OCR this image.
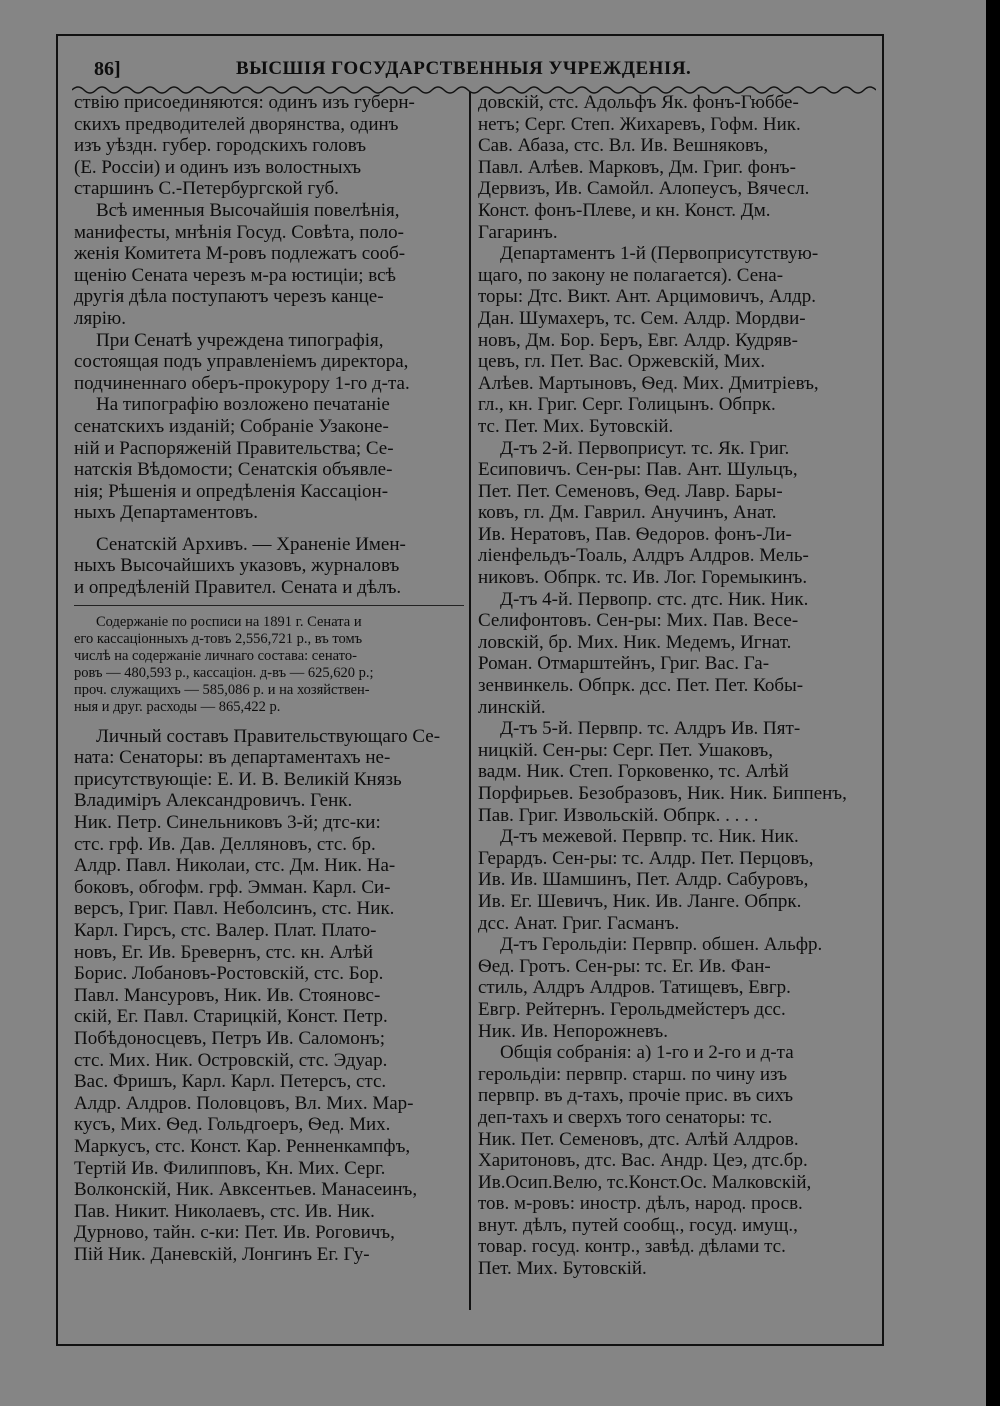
86]	ВЫСШІЯ ГОСУДАРСТВЕННЫЯ УЧРЕЖДЕНІЯ.
ствію присоединяются: одинъ изъ губерн-
скихъ предводителей дворянства, одинъ
изъ уѣздн. губер. городскихъ головъ
(Е. Россіи) и одинъ изъ волостныхъ
старшинъ С.-Петербургской губ.
Всѣ именныя Высочайшія повелѣнія,
манифесты, мнѣнія Госуд. Совѣта, поло-
женія Комитета М-ровъ подлежатъ сооб-
щенію Сената черезъ м-ра юстиціи; всѣ
другія дѣла поступаютъ черезъ канце-
лярію.
При Сенатѣ учреждена типографія,
состоящая подъ управленіемъ директора,
подчиненнаго оберъ-прокурору 1-го д-та.
На типографію возложено печатаніе
сенатскихъ изданій; Собраніе Узаконе-
ній и Распоряженій Правительства; Се-
натскія Вѣдомости; Сенатскія объявле-
нія; Рѣшенія и опредѣленія Кассаціон-
ныхъ Департаментовъ.
Сенатскій Архивъ. — Храненіе Имен-
ныхъ Высочайшихъ указовъ, журналовъ
и опредѣленій Правител. Сената и дѣлъ.
Содержаніе по росписи на 1891 г. Сената и
его кассаціонныхъ д-товъ 2,556,721 р., въ томъ
числѣ на содержаніе личнаго состава: сенато-
ровъ — 480,593 р., кассаціон. д-въ — 625,620 р.;
проч. служащихъ — 585,086 р. и на хозяйствен-
ныя и друг. расходы — 865,422 р.
Личный составъ Правительствующаго Се-
ната: Сенаторы: въ департаментахъ не-
присутствующіе: Е. И. В. Великій Князь
Владиміръ Александровичъ. Генк.
Ник. Петр. Синельниковъ 3-й; дтс-ки:
стс. грф. Ив. Дав. Делляновъ, стс. бр.
Алдр. Павл. Николаи, стс. Дм. Ник. На-
боковъ, обгофм. грф. Эмман. Карл. Си-
версъ, Григ. Павл. Неболсинъ, стс. Ник.
Карл. Гирсъ, стс. Валер. Плат. Плато-
новъ, Ег. Ив. Бревернъ, стс. кн. Алѣй
Борис. Лобановъ-Ростовскій, стс. Бор.
Павл. Мансуровъ, Ник. Ив. Стояновс-
скій, Ег. Павл. Старицкій, Конст. Петр.
Побѣдоносцевъ, Петръ Ив. Саломонъ;
стс. Мих. Ник. Островскій, стс. Эдуар.
Вас. Фришъ, Карл. Карл. Петерсъ, стс.
Алдр. Алдров. Половцовъ, Вл. Мих. Мар-
кусъ, Мих. Ѳед. Гольдгоеръ, Ѳед. Мих.
Маркусъ, стс. Конст. Кар. Ренненкампфъ,
Тертій Ив. Филипповъ, Кн. Мих. Серг.
Волконскій, Ник. Авксентьев. Манасеинъ,
Пав. Никит. Николаевъ, стс. Ив. Ник.
Дурново, тайн. с-ки: Пет. Ив. Роговичъ,
Пій Ник. Даневскій, Лонгинъ Ег. Гу-
довскій, стс. Адольфъ Як. фонъ-Гюббе-
нетъ; Серг. Степ. Жихаревъ, Гофм. Ник.
Сав. Абаза, стс. Вл. Ив. Вешняковъ,
Павл. Алѣев. Марковъ, Дм. Григ. фонъ-
Дервизъ, Ив. Самойл. Алопеусъ, Вячесл.
Конст. фонъ-Плеве, и кн. Конст. Дм.
Гагаринъ.
Департаментъ 1-й (Первоприсутствую-
щаго, по закону не полагается). Сена-
торы: Дтс. Викт. Ант. Арцимовичъ, Алдр.
Дан. Шумахеръ, тс. Сем. Алдр. Мордви-
новъ, Дм. Бор. Беръ, Евг. Алдр. Кудряв-
цевъ, гл. Пет. Вас. Оржевскій, Мих.
Алѣев. Мартыновъ, Ѳед. Мих. Дмитріевъ,
гл., кн. Григ. Серг. Голицынъ. Обпрк.
тс. Пет. Мих. Бутовскій.
Д-тъ 2-й. Первоприсут. тс. Як. Григ.
Есиповичъ. Сен-ры: Пав. Ант. Шульцъ,
Пет. Пет. Семеновъ, Ѳед. Лавр. Бары-
ковъ, гл. Дм. Гаврил. Анучинъ, Анат.
Ив. Нератовъ, Пав. Ѳедоров. фонъ-Ли-
ліенфельдъ-Тоаль, Алдръ Алдров. Мель-
никовъ. Обпрк. тс. Ив. Лог. Горемыкинъ.
Д-тъ 4-й. Первопр. стс. дтс. Ник. Ник.
Селифонтовъ. Сен-ры: Мих. Пав. Весе-
ловскій, бр. Мих. Ник. Медемъ, Игнат.
Роман. Отмарштейнъ, Григ. Вас. Га-
зенвинкель. Обпрк. дсс. Пет. Пет. Кобы-
линскій.
Д-тъ 5-й. Первпр. тс. Алдръ Ив. Пят-
ницкій. Сен-ры: Серг. Пет. Ушаковъ,
вадм. Ник. Степ. Горковенко, тс. Алѣй
Порфирьев. Безобразовъ, Ник. Ник. Биппенъ,
Пав. Григ. Извольскій. Обпрк. . . . .
Д-тъ межевой. Первпр. тс. Ник. Ник.
Герардъ. Сен-ры: тс. Алдр. Пет. Перцовъ,
Ив. Ив. Шамшинъ, Пет. Алдр. Сабуровъ,
Ив. Ег. Шевичъ, Ник. Ив. Ланге. Обпрк.
дсс. Анат. Григ. Гасманъ.
Д-тъ Герольдіи: Первпр. обшен. Альфр.
Ѳед. Гротъ. Сен-ры: тс. Ег. Ив. Фан-
стиль, Алдръ Алдров. Татищевъ, Евгр.
Евгр. Рейтернъ. Герольдмейстеръ дсс.
Ник. Ив. Непорожневъ.
Общія собранія: а) 1-го и 2-го и д-та
герольдіи: первпр. старш. по чину изъ
первпр. въ д-тахъ, прочіе прис. въ сихъ
деп-тахъ и сверхъ того сенаторы: тс.
Ник. Пет. Семеновъ, дтс. Алѣй Алдров.
Харитоновъ, дтс. Вас. Андр. Цеэ, дтс.бр.
Ив.Осип.Велю, тс.Конст.Ос. Малковскій,
тов. м-ровъ: иностр. дѣлъ, народ. просв.
внут. дѣлъ, путей сообщ., госуд. имущ.,
товар. госуд. контр., завѣд. дѣлами тс.
Пет. Мих. Бутовскій.
